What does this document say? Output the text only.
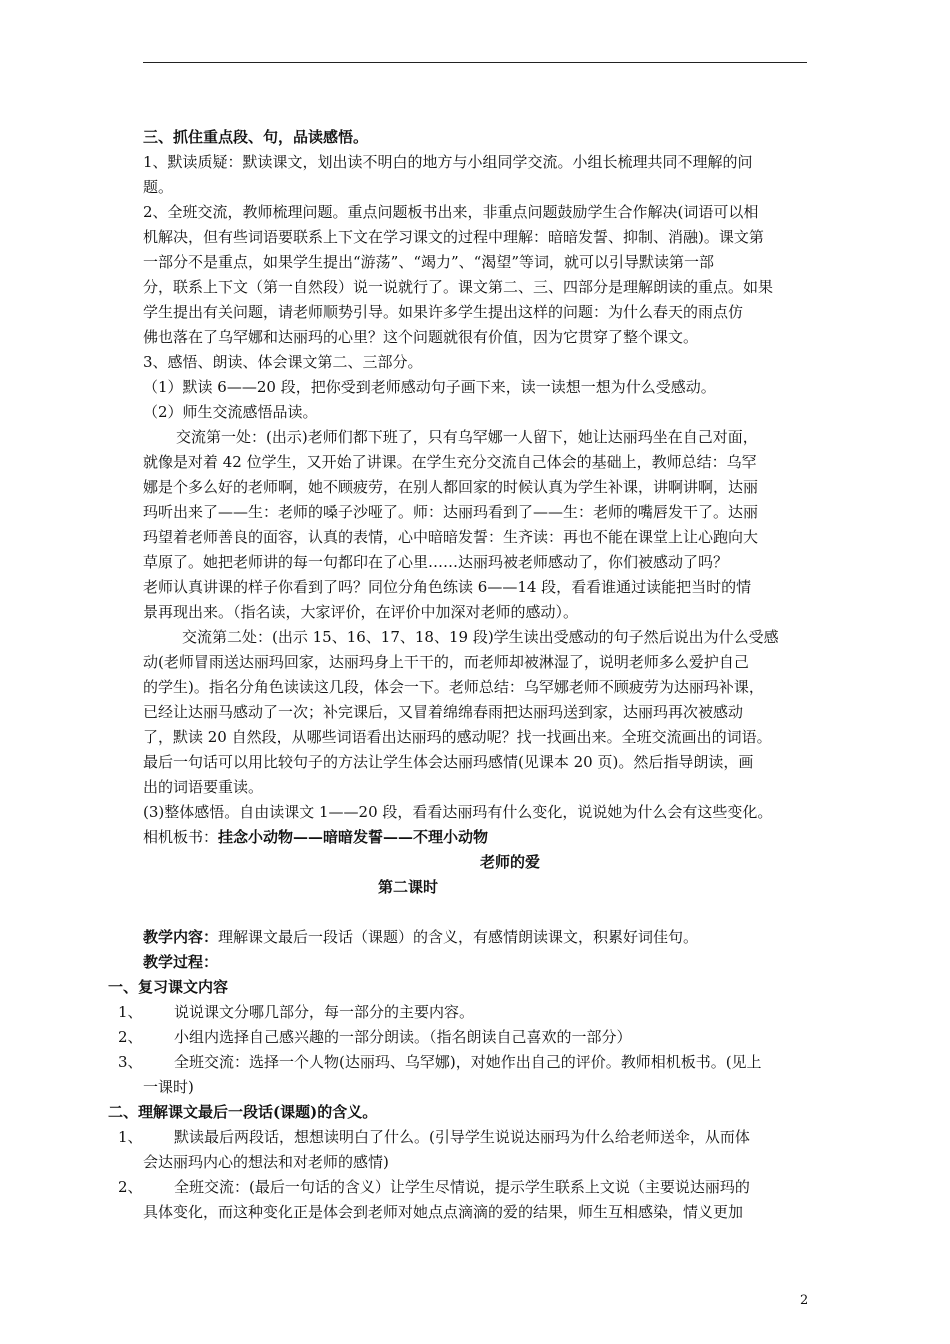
三、抓住重点段、句，品读感悟。
1、默读质疑：默读课文，划出读不明白的地方与小组同学交流。小组长梳理共同不理解的问
题。
2、全班交流，教师梳理问题。重点问题板书出来，非重点问题鼓励学生合作解决(词语可以相
机解决，但有些词语要联系上下文在学习课文的过程中理解：暗暗发誓、抑制、消融)。课文第
一部分不是重点，如果学生提出“游荡”、“竭力”、“渴望”等词，就可以引导默读第一部
分，联系上下文（第一自然段）说一说就行了。课文第二、三、四部分是理解朗读的重点。如果
学生提出有关问题，请老师顺势引导。如果许多学生提出这样的问题：为什么春天的雨点仿
佛也落在了乌罕娜和达丽玛的心里？这个问题就很有价值，因为它贯穿了整个课文。
3、感悟、朗读、体会课文第二、三部分。
（1）默读 6——20 段，把你受到老师感动句子画下来，读一读想一想为什么受感动。
（2）师生交流感悟品读。
交流第一处：(出示)老师们都下班了，只有乌罕娜一人留下，她让达丽玛坐在自己对面，
就像是对着 42 位学生，又开始了讲课。在学生充分交流自己体会的基础上，教师总结：乌罕
娜是个多么好的老师啊，她不顾疲劳，在别人都回家的时候认真为学生补课，讲啊讲啊，达丽
玛听出来了——生：老师的嗓子沙哑了。师：达丽玛看到了——生：老师的嘴唇发干了。达丽
玛望着老师善良的面容，认真的表情，心中暗暗发誓：生齐读：再也不能在课堂上让心跑向大
草原了。她把老师讲的每一句都印在了心里……达丽玛被老师感动了，你们被感动了吗？
老师认真讲课的样子你看到了吗？同位分角色练读 6——14 段，看看谁通过读能把当时的情
景再现出来。（指名读，大家评价，在评价中加深对老师的感动）。
交流第二处：(出示 15、16、17、18、19 段)学生读出受感动的句子然后说出为什么受感
动(老师冒雨送达丽玛回家，达丽玛身上干干的，而老师却被淋湿了，说明老师多么爱护自己
的学生)。指名分角色读读这几段，体会一下。老师总结：乌罕娜老师不顾疲劳为达丽玛补课，
已经让达丽马感动了一次；补完课后，又冒着绵绵春雨把达丽玛送到家，达丽玛再次被感动
了，默读 20 自然段，从哪些词语看出达丽玛的感动呢？找一找画出来。全班交流画出的词语。
最后一句话可以用比较句子的方法让学生体会达丽玛感情(见课本 20 页)。然后指导朗读，画
出的词语要重读。
(3)整体感悟。自由读课文 1——20 段，看看达丽玛有什么变化，说说她为什么会有这些变化。
相机板书：挂念小动物——暗暗发誓——不理小动物
老师的爱
第二课时
教学内容：理解课文最后一段话（课题）的含义，有感情朗读课文，积累好词佳句。
教学过程：
一、复习课文内容
1、 说说课文分哪几部分，每一部分的主要内容。
2、 小组内选择自己感兴趣的一部分朗读。（指名朗读自己喜欢的一部分）
3、 全班交流：选择一个人物(达丽玛、乌罕娜)，对她作出自己的评价。教师相机板书。(见上
一课时)
二、理解课文最后一段话(课题)的含义。
1、 默读最后两段话，想想读明白了什么。(引导学生说说达丽玛为什么给老师送伞，从而体
会达丽玛内心的想法和对老师的感情)
2、 全班交流：(最后一句话的含义）让学生尽情说，提示学生联系上文说（主要说达丽玛的
具体变化，而这种变化正是体会到老师对她点点滴滴的爱的结果，师生互相感染，情义更加
2
